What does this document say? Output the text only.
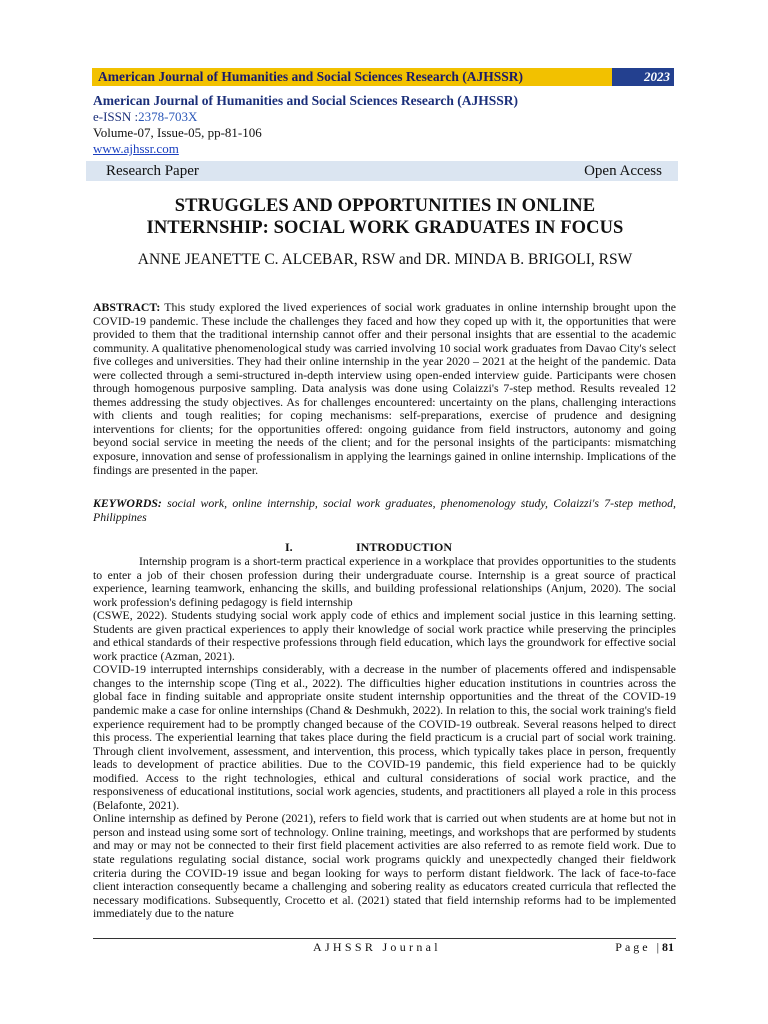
American Journal of Humanities and Social Sciences Research (AJHSSR)	2023
American Journal of Humanities and Social Sciences Research (AJHSSR)
e-ISSN :2378-703X
Volume-07, Issue-05, pp-81-106
www.ajhssr.com
Research Paper	Open Access
STRUGGLES AND OPPORTUNITIES IN ONLINE
INTERNSHIP: SOCIAL WORK GRADUATES IN FOCUS
ANNE JEANETTE C. ALCEBAR, RSW and DR. MINDA B. BRIGOLI, RSW
ABSTRACT: This study explored the lived experiences of social work graduates in online internship brought upon the COVID-19 pandemic. These include the challenges they faced and how they coped up with it, the opportunities that were provided to them that the traditional internship cannot offer and their personal insights that are essential to the academic community. A qualitative phenomenological study was carried involving 10 social work graduates from Davao City's select five colleges and universities. They had their online internship in the year 2020 – 2021 at the height of the pandemic. Data were collected through a semi-structured in-depth interview using open-ended interview guide. Participants were chosen through homogenous purposive sampling. Data analysis was done using Colaizzi's 7-step method. Results revealed 12 themes addressing the study objectives. As for challenges encountered: uncertainty on the plans, challenging interactions with clients and tough realities; for coping mechanisms: self-preparations, exercise of prudence and designing interventions for clients; for the opportunities offered: ongoing guidance from field instructors, autonomy and going beyond social service in meeting the needs of the client; and for the personal insights of the participants: mismatching exposure, innovation and sense of professionalism in applying the learnings gained in online internship. Implications of the findings are presented in the paper.
KEYWORDS: social work, online internship, social work graduates, phenomenology study, Colaizzi's 7-step method, Philippines
I.	INTRODUCTION

Internship program is a short-term practical experience in a workplace that provides opportunities to the students to enter a job of their chosen profession during their undergraduate course. Internship is a great source of practical experience, learning teamwork, enhancing the skills, and building professional relationships (Anjum, 2020). The social work profession's defining pedagogy is field internship

(CSWE, 2022). Students studying social work apply code of ethics and implement social justice in this learning setting. Students are given practical experiences to apply their knowledge of social work practice while preserving the principles and ethical standards of their respective professions through field education, which lays the groundwork for effective social work practice (Azman, 2021).

COVID-19 interrupted internships considerably, with a decrease in the number of placements offered and indispensable changes to the internship scope (Ting et al., 2022). The difficulties higher education institutions in countries across the global face in finding suitable and appropriate onsite student internship opportunities and the threat of the COVID-19 pandemic make a case for online internships (Chand & Deshmukh, 2022). In relation to this, the social work training's field experience requirement had to be promptly changed because of the COVID-19 outbreak. Several reasons helped to direct this process. The experiential learning that takes place during the field practicum is a crucial part of social work training. Through client involvement, assessment, and intervention, this process, which typically takes place in person, frequently leads to development of practice abilities. Due to the COVID-19 pandemic, this field experience had to be quickly modified. Access to the right technologies, ethical and cultural considerations of social work practice, and the responsiveness of educational institutions, social work agencies, students, and practitioners all played a role in this process (Belafonte, 2021).

Online internship as defined by Perone (2021), refers to field work that is carried out when students are at home but not in person and instead using some sort of technology. Online training, meetings, and workshops that are performed by students and may or may not be connected to their first field placement activities are also referred to as remote field work. Due to state regulations regulating social distance, social work programs quickly and unexpectedly changed their fieldwork criteria during the COVID-19 issue and began looking for ways to perform distant fieldwork. The lack of face-to-face client interaction consequently became a challenging and sobering reality as educators created curricula that reflected the necessary modifications. Subsequently, Crocetto et al. (2021) stated that field internship reforms had to be implemented immediately due to the nature

AJHSSR Journal	Page |81
